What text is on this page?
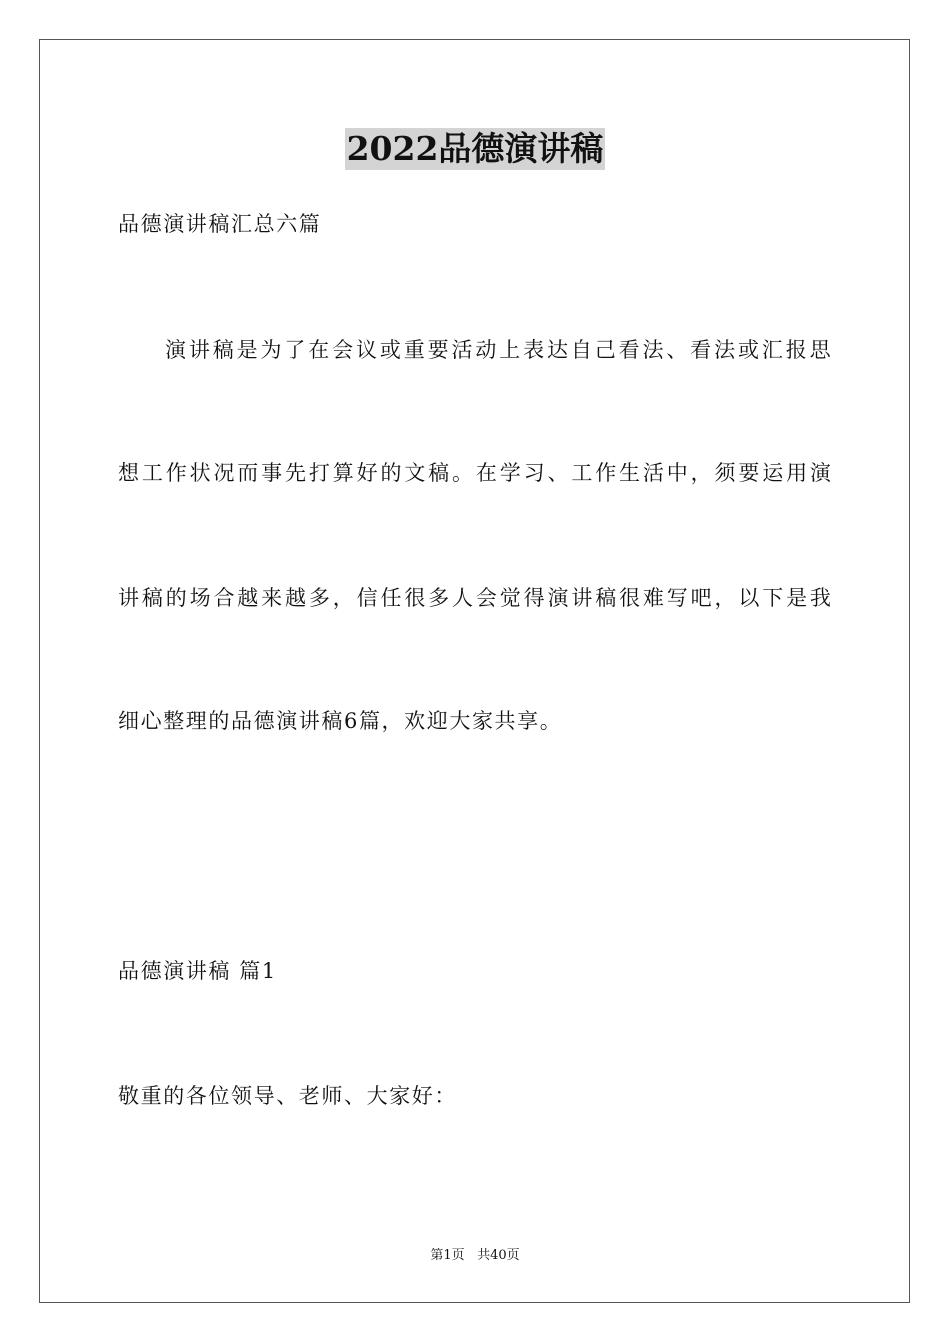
2022品德演讲稿
品德演讲稿汇总六篇
演 讲 稿 是 为 了 在 会 议 或 重 要 活 动 上 表 达 自 己 看 法 、 看 法 或 汇 报 思
想 工 作 状 况 而 事 先 打 算 好 的 文 稿 。 在 学 习 、 工 作 生 活 中 ， 须 要 运 用 演
讲 稿 的 场 合 越 来 越 多 ， 信 任 很 多 人 会 觉 得 演 讲 稿 很 难 写 吧 ， 以 下 是 我
细心整理的品德演讲稿6篇，欢迎大家共享。
品德演讲稿 篇1
敬重的各位领导、老师、大家好：
第1页 共40页
